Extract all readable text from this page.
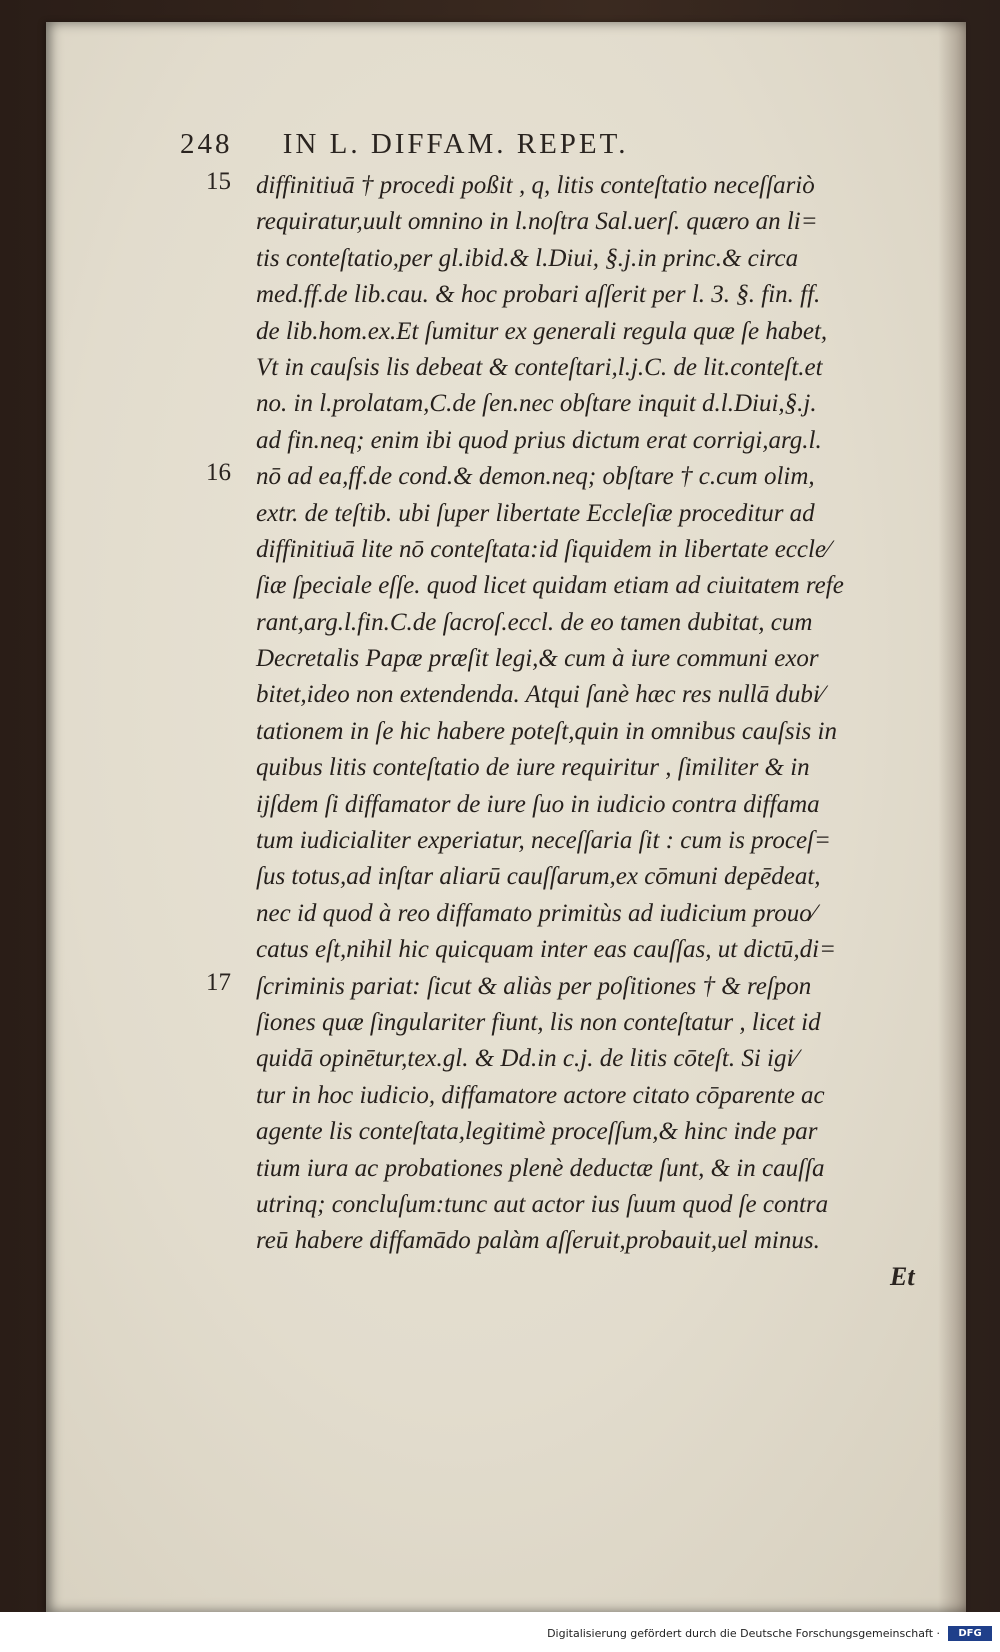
248 IN L. DIFFAM. REPET.
15
16
17
diffinitiuā † procedi poßit , q, litis conteſtatio neceſſariò
requiratur,uult omnino in l.noſtra Sal.uerſ. quæro an li=
tis conteſtatio,per gl.ibid.& l.Diui, §.j.in princ.& circa
med.ff.de lib.cau. & hoc probari aſſerit per l. 3. §. fin. ff.
de lib.hom.ex.Et ſumitur ex generali regula quæ ſe habet,
Vt in cauſsis lis debeat & conteſtari,l.j.C. de lit.conteſt.et
no. in l.prolatam,C.de ſen.nec obſtare inquit d.l.Diui,§.j.
ad fin.neq; enim ibi quod prius dictum erat corrigi,arg.l.
nō ad ea,ff.de cond.& demon.neq; obſtare † c.cum olim,
extr. de teſtib. ubi ſuper libertate Eccleſiæ proceditur ad
diffinitiuā lite nō conteſtata:id ſiquidem in libertate eccle⁄
ſiæ ſpeciale eſſe. quod licet quidam etiam ad ciuitatem refe
rant,arg.l.fin.C.de ſacroſ.eccl. de eo tamen dubitat, cum
Decretalis Papæ præſit legi,& cum à iure communi exor
bitet,ideo non extendenda. Atqui ſanè hæc res nullā dubi⁄
tationem in ſe hic habere poteſt,quin in omnibus cauſsis in
quibus litis conteſtatio de iure requiritur , ſimiliter & in
ijſdem ſi diffamator de iure ſuo in iudicio contra diffama
tum iudicialiter experiatur, neceſſaria ſit : cum is proceſ=
ſus totus,ad inſtar aliarū cauſſarum,ex cōmuni depēdeat,
nec id quod à reo diffamato primitùs ad iudicium prouo⁄
catus eſt,nihil hic quicquam inter eas cauſſas, ut dictū,di=
ſcriminis pariat: ſicut & aliàs per poſitiones † & reſpon
ſiones quæ ſingulariter fiunt, lis non conteſtatur , licet id
quidā opinētur,tex.gl. & Dd.in c.j. de litis cōteſt. Si igi⁄
tur in hoc iudicio, diffamatore actore citato cōparente ac
agente lis conteſtata,legitimè proceſſum,& hinc inde par
tium iura ac probationes plenè deductæ ſunt, & in cauſſa
utrinq; concluſum:tunc aut actor ius ſuum quod ſe contra
reū habere diffamādo palàm aſſeruit,probauit,uel minus.
Et
Digitalisierung gefördert durch die Deutsche Forschungsgemeinschaft ·	DFG
